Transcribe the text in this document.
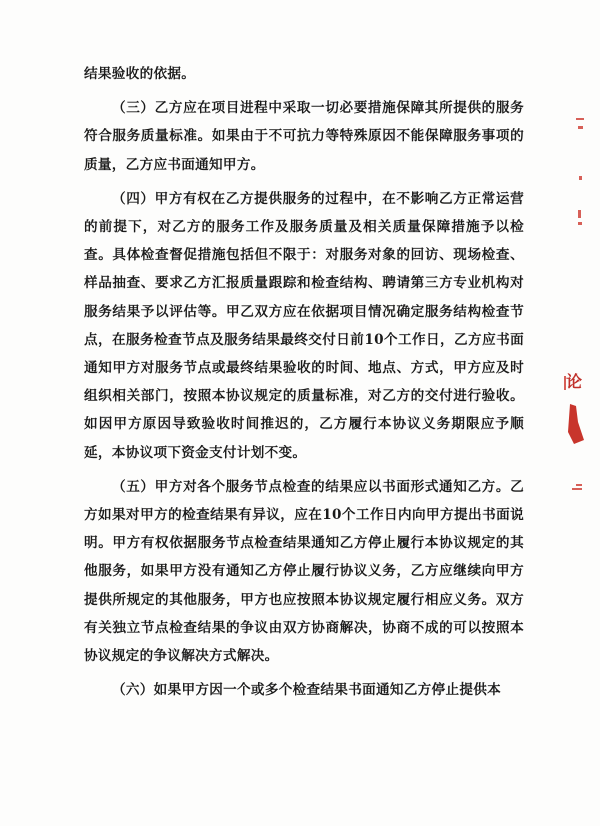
结果验收的依据。

（三）乙方应在项目进程中采取一切必要措施保障其所提供的服务符合服务质量标准。如果由于不可抗力等特殊原因不能保障服务事项的质量，乙方应书面通知甲方。

（四）甲方有权在乙方提供服务的过程中，在不影响乙方正常运营的前提下，对乙方的服务工作及服务质量及相关质量保障措施予以检查。具体检查督促措施包括但不限于：对服务对象的回访、现场检查、样品抽查、要求乙方汇报质量跟踪和检查结构、聘请第三方专业机构对服务结果予以评估等。甲乙双方应在依据项目情况确定服务结构检查节点，在服务检查节点及服务结果最终交付日前10个工作日，乙方应书面通知甲方对服务节点或最终结果验收的时间、地点、方式，甲方应及时组织相关部门，按照本协议规定的质量标准，对乙方的交付进行验收。如因甲方原因导致验收时间推迟的，乙方履行本协议义务期限应予顺延，本协议项下资金支付计划不变。

（五）甲方对各个服务节点检查的结果应以书面形式通知乙方。乙方如果对甲方的检查结果有异议，应在10个工作日内向甲方提出书面说明。甲方有权依据服务节点检查结果通知乙方停止履行本协议规定的其他服务，如果甲方没有通知乙方停止履行协议义务，乙方应继续向甲方提供所规定的其他服务，甲方也应按照本协议规定履行相应义务。双方有关独立节点检查结果的争议由双方协商解决，协商不成的可以按照本协议规定的争议解决方式解决。

（六）如果甲方因一个或多个检查结果书面通知乙方停止提供本

论
